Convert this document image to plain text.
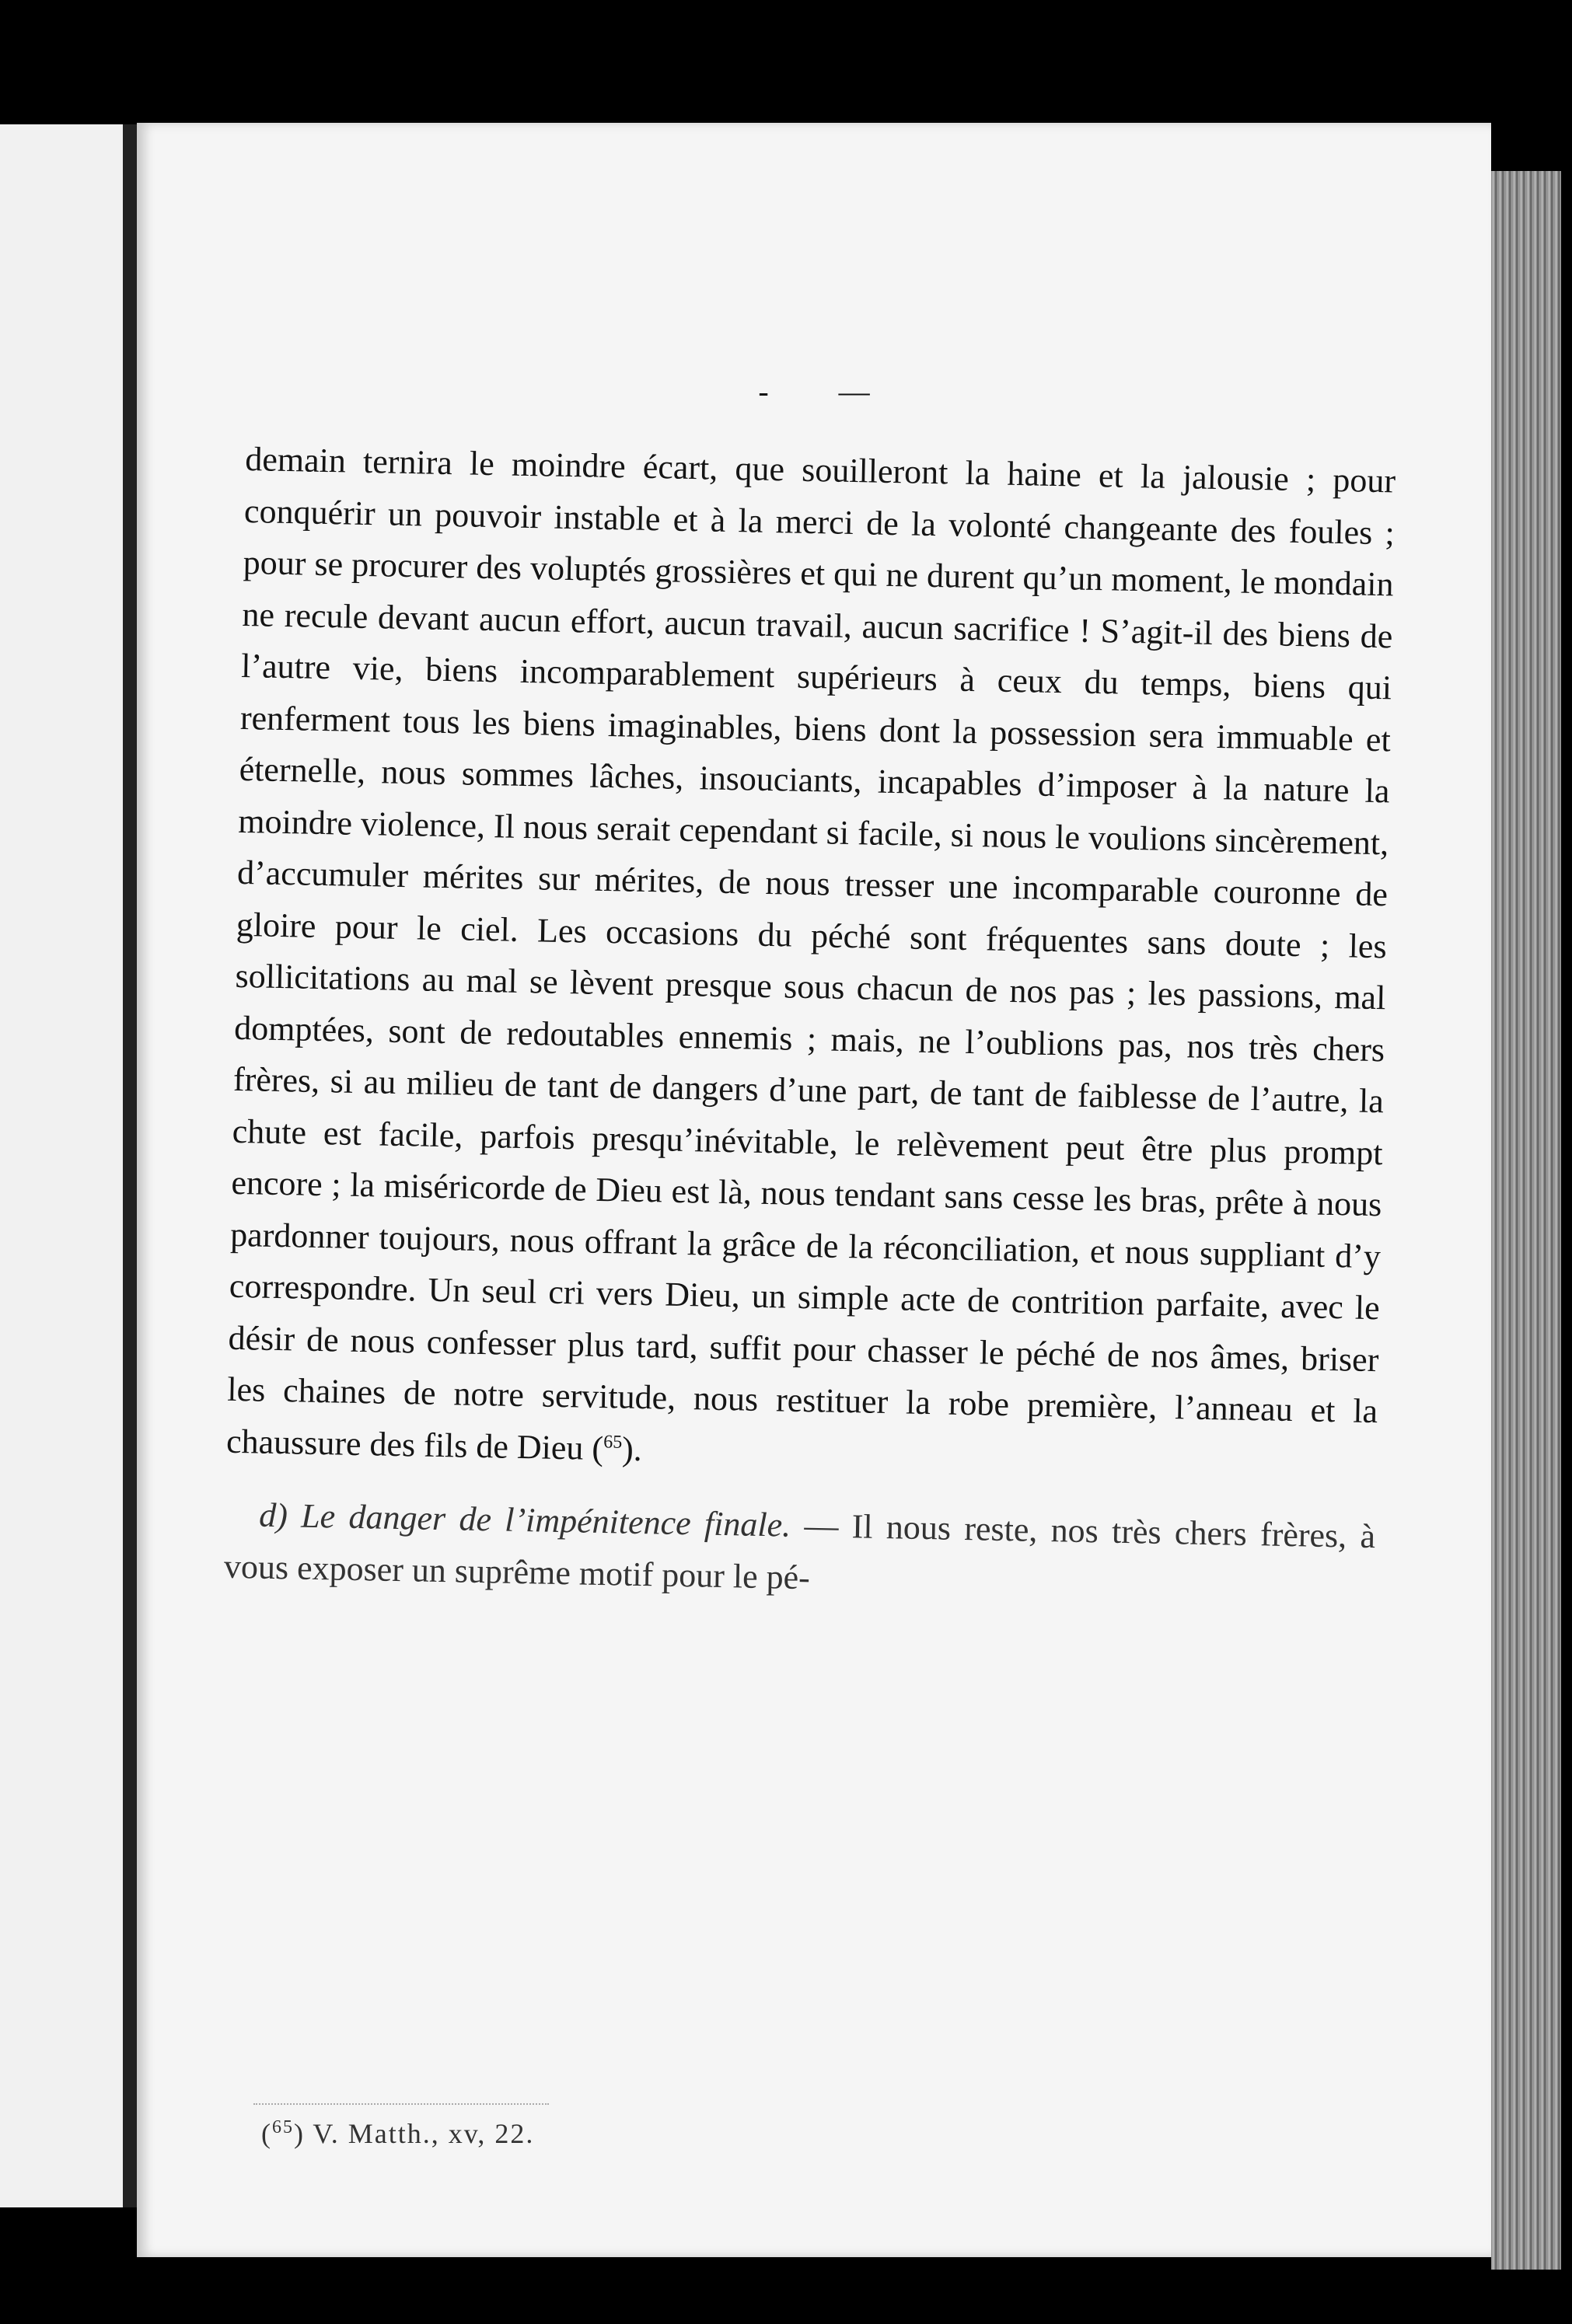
- —

demain ternira le moindre écart, que souilleront la haine et la jalousie ; pour conquérir un pouvoir instable et à la merci de la volonté changeante des foules ; pour se procurer des voluptés grossières et qui ne durent qu’un moment, le mondain ne recule devant aucun effort, aucun travail, aucun sacrifice ! S’agit-il des biens de l’autre vie, biens incomparablement supérieurs à ceux du temps, biens qui renferment tous les biens imaginables, biens dont la possession sera immuable et éternelle, nous sommes lâches, insouciants, incapables d’imposer à la nature la moindre violence, Il nous serait cependant si facile, si nous le voulions sincèrement, d’accumuler mérites sur mérites, de nous tresser une incomparable couronne de gloire pour le ciel. Les occasions du péché sont fréquentes sans doute ; les sollicitations au mal se lèvent presque sous chacun de nos pas ; les passions, mal domptées, sont de redoutables ennemis ; mais, ne l’oublions pas, nos très chers frères, si au milieu de tant de dangers d’une part, de tant de faiblesse de l’autre, la chute est facile, parfois presqu’inévitable, le relèvement peut être plus prompt encore ; la miséricorde de Dieu est là, nous tendant sans cesse les bras, prête à nous pardonner toujours, nous offrant la grâce de la réconciliation, et nous suppliant d’y correspondre. Un seul cri vers Dieu, un simple acte de contrition parfaite, avec le désir de nous confesser plus tard, suffit pour chasser le péché de nos âmes, briser les chaines de notre servitude, nous restituer la robe première, l’anneau et la chaussure des fils de Dieu ($^{65}$).

d) Le danger de l’impénitence finale. — Il nous reste, nos très chers frères, à vous exposer un suprême motif pour le pé-

($^{65}$) V. Matth., xv, 22.
